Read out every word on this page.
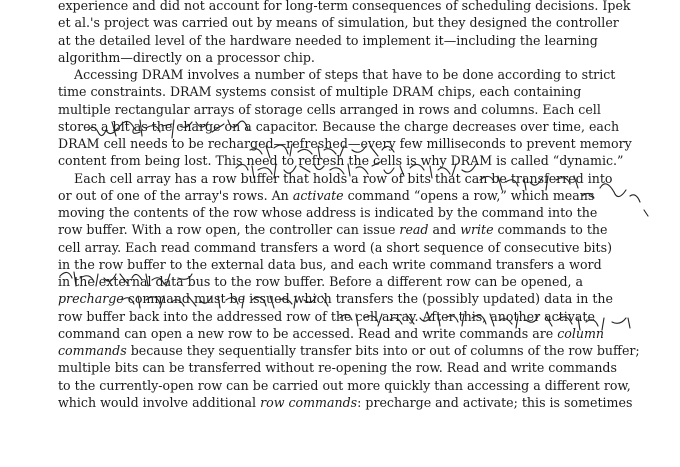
experience and did not account for long-term consequences of scheduling decisions. Ipek
et al.'s project was carried out by means of simulation, but they designed the controller
at the detailed level of the hardware needed to implement it—including the learning
algorithm—directly on a processor chip.
Accessing DRAM involves a number of steps that have to be done according to strict
time constraints. DRAM systems consist of multiple DRAM chips, each containing
multiple rectangular arrays of storage cells arranged in rows and columns. Each cell
stores a bit as the charge on a capacitor. Because the charge decreases over time, each
DRAM cell needs to be recharged—refreshed—every few milliseconds to prevent memory
content from being lost. This need to refresh the cells is why DRAM is called “dynamic.”
Each cell array has a row buffer that holds a row of bits that can be transferred into
or out of one of the array's rows. An activate command “opens a row,” which means
moving the contents of the row whose address is indicated by the command into the
row buffer. With a row open, the controller can issue read and write commands to the
cell array. Each read command transfers a word (a short sequence of consecutive bits)
in the row buffer to the external data bus, and each write command transfers a word
in the external data bus to the row buffer. Before a different row can be opened, a
precharge command must be issued which transfers the (possibly updated) data in the
row buffer back into the addressed row of the cell array. After this, another activate
command can open a new row to be accessed. Read and write commands are column
commands because they sequentially transfer bits into or out of columns of the row buffer;
multiple bits can be transferred without re-opening the row. Read and write commands
to the currently-open row can be carried out more quickly than accessing a different row,
which would involve additional row commands: precharge and activate; this is sometimes
